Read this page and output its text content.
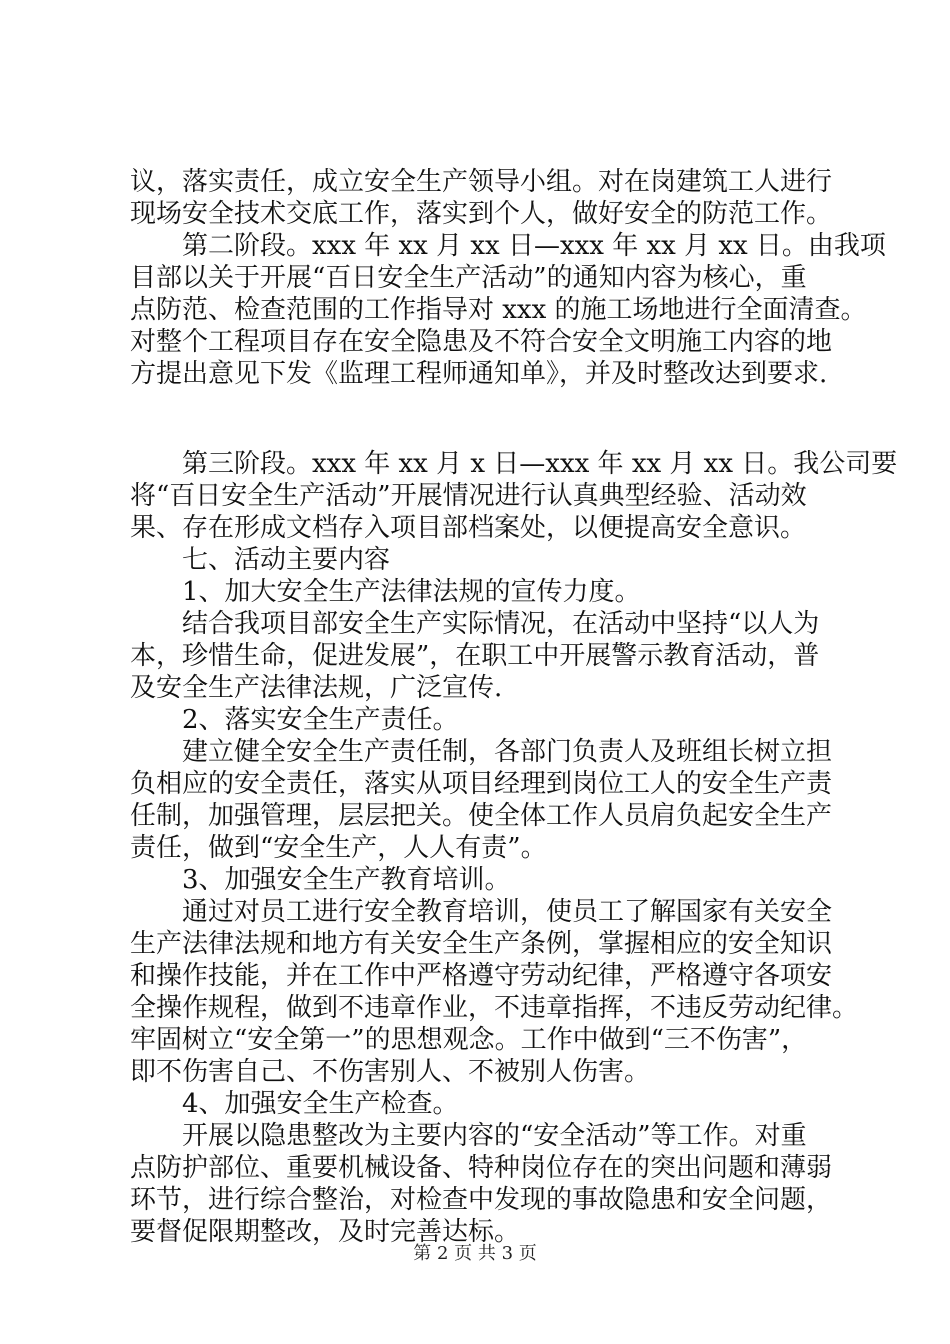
议，落实责任，成立安全生产领导小组。对在岗建筑工人进行
现场安全技术交底工作，落实到个人，做好安全的防范工作。
第二阶段。xxx 年 xx 月 xx 日—xxx 年 xx 月 xx 日。由我项
目部以关于开展“百日安全生产活动”的通知内容为核心，重
点防范、检查范围的工作指导对 xxx 的施工场地进行全面清查。
对整个工程项目存在安全隐患及不符合安全文明施工内容的地
方提出意见下发《监理工程师通知单》，并及时整改达到要求.
第三阶段。xxx 年 xx 月 x 日—xxx 年 xx 月 xx 日。我公司要
将“百日安全生产活动”开展情况进行认真典型经验、活动效
果、存在形成文档存入项目部档案处，以便提高安全意识。
七、活动主要内容
1、加大安全生产法律法规的宣传力度。
结合我项目部安全生产实际情况，在活动中坚持“以人为
本，珍惜生命，促进发展”，在职工中开展警示教育活动，普
及安全生产法律法规，广泛宣传.
2、落实安全生产责任。
建立健全安全生产责任制，各部门负责人及班组长树立担
负相应的安全责任，落实从项目经理到岗位工人的安全生产责
任制，加强管理，层层把关。使全体工作人员肩负起安全生产
责任，做到“安全生产，人人有责”。
3、加强安全生产教育培训。
通过对员工进行安全教育培训，使员工了解国家有关安全
生产法律法规和地方有关安全生产条例，掌握相应的安全知识
和操作技能，并在工作中严格遵守劳动纪律，严格遵守各项安
全操作规程，做到不违章作业，不违章指挥，不违反劳动纪律。
牢固树立“安全第一”的思想观念。工作中做到“三不伤害”，
即不伤害自己、不伤害别人、不被别人伤害。
4、加强安全生产检查。
开展以隐患整改为主要内容的“安全活动”等工作。对重
点防护部位、重要机械设备、特种岗位存在的突出问题和薄弱
环节，进行综合整治，对检查中发现的事故隐患和安全问题，
要督促限期整改，及时完善达标。
第 2 页 共 3 页
